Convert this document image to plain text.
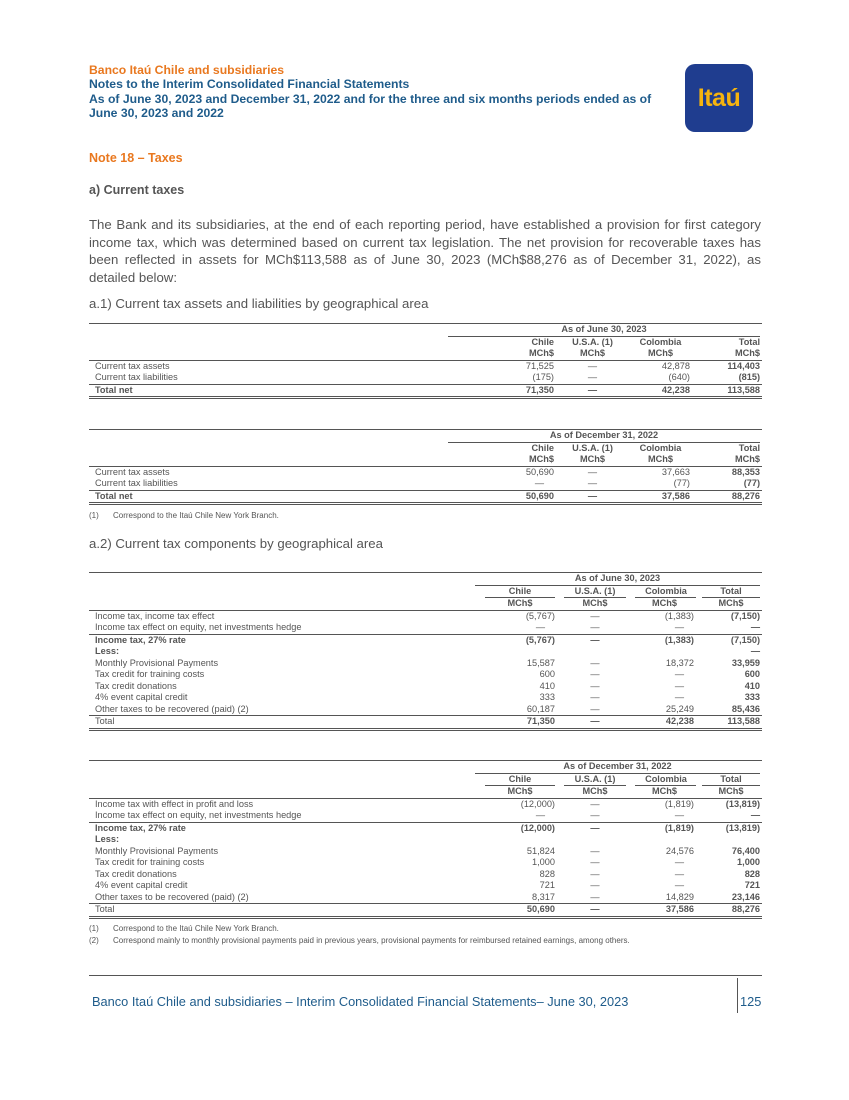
Banco Itaú Chile and subsidiaries
Notes to the Interim Consolidated Financial Statements
As of June 30, 2023 and December 31, 2022 and for the three and six months periods ended as of
June 30, 2023 and 2022
Itaú
Note 18 – Taxes
a) Current taxes
The Bank and its subsidiaries, at the end of each reporting period, have established a provision for first category income tax, which was determined based on current tax legislation. The net provision for recoverable taxes has been reflected in assets for MCh$113,588 as of June 30, 2023 (MCh$88,276 as of December 31, 2022), as detailed below:
a.1) Current tax assets and liabilities by geographical area

	As of June 30, 2023			

	Chile	U.S.A. (1)	Colombia	Total
	MCh$	MCh$	MCh$	MCh$
Current tax assets	71,525	—	42,878	114,403
Current tax liabilities	(175)	—	(640)	(815)
Total net	71,350	—	42,238	113,588

	As of December 31, 2022			

	Chile	U.S.A. (1)	Colombia	Total
	MCh$	MCh$	MCh$	MCh$
Current tax assets	50,690	—	37,663	88,353
Current tax liabilities	—	—	(77)	(77)
Total net	50,690	—	37,586	88,276
(1) Correspond to the Itaú Chile New York Branch.
a.2) Current tax components by geographical area

	As of June 30, 2023			

	Chile	U.S.A. (1)	Colombia	Total
	MCh$	MCh$	MCh$	MCh$
Income tax, income tax effect	(5,767)	—	(1,383)	(7,150)
Income tax effect on equity, net investments hedge	—	—	—	—
Income tax, 27% rate	(5,767)	—	(1,383)	(7,150)
Less:				—
Monthly Provisional Payments	15,587	—	18,372	33,959
Tax credit for training costs	600	—	—	600
Tax credit donations	410	—	—	410
4% event capital credit	333	—	—	333
Other taxes to be recovered (paid) (2)	60,187	—	25,249	85,436
Total	71,350	—	42,238	113,588

	As of December 31, 2022			

	Chile	U.S.A. (1)	Colombia	Total
	MCh$	MCh$	MCh$	MCh$
Income tax with effect in profit and loss	(12,000)	—	(1,819)	(13,819)
Income tax effect on equity, net investments hedge	—	—	—	—
Income tax, 27% rate	(12,000)	—	(1,819)	(13,819)
Less:				
Monthly Provisional Payments	51,824	—	24,576	76,400
Tax credit for training costs	1,000	—	—	1,000
Tax credit donations	828	—	—	828
4% event capital credit	721	—	—	721
Other taxes to be recovered (paid) (2)	8,317	—	14,829	23,146
Total	50,690	—	37,586	88,276
(1) Correspond to the Itaú Chile New York Branch.
(2) Correspond mainly to monthly provisional payments paid in previous years, provisional payments for reimbursed retained earnings, among others.
Banco Itaú Chile and subsidiaries – Interim Consolidated Financial Statements– June 30, 2023	125
